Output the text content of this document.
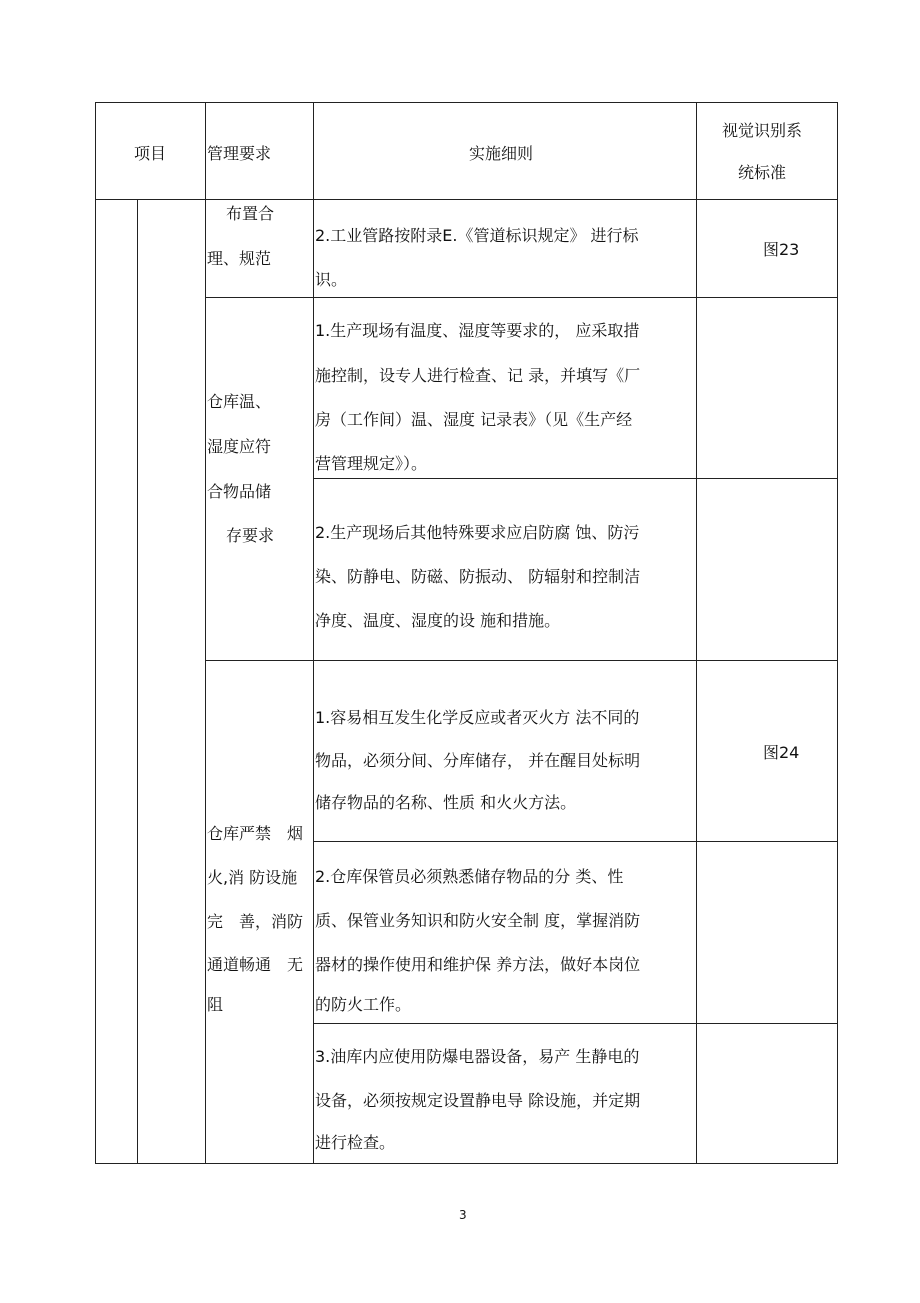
项目	管理要求	实施细则
视觉识别系
统标准
布置合
理、规范
2.工业管路按附录E.《管道标识规定》 进行标
识。
图23
仓库温、
湿度应符
合物品储
存要求
1.生产现场有温度、湿度等要求的， 应采取措
施控制，设专人进行检查、记 录，并填写《厂
房（工作间）温、湿度 记录表》（见《生产经
营管理规定》）。
2.生产现场后其他特殊要求应启防腐 蚀、防污
染、防静电、防磁、防振动、 防辐射和控制洁
净度、温度、湿度的设 施和措施。
仓库严禁　烟
火,消 防设施
完　善，消防
通道畅通　无
阻
1.容易相互发生化学反应或者灭火方 法不同的
物品，必须分间、分库储存， 并在醒目处标明
储存物品的名称、性质 和火火方法。
图24
2.仓库保管员必须熟悉储存物品的分 类、性
质、保管业务知识和防火安全制 度，掌握消防
器材的操作使用和维护保 养方法，做好本岗位
的防火工作。
3.油库内应使用防爆电器设备，易产 生静电的
设备，必须按规定设置静电导 除设施，并定期
进行检查。
3
